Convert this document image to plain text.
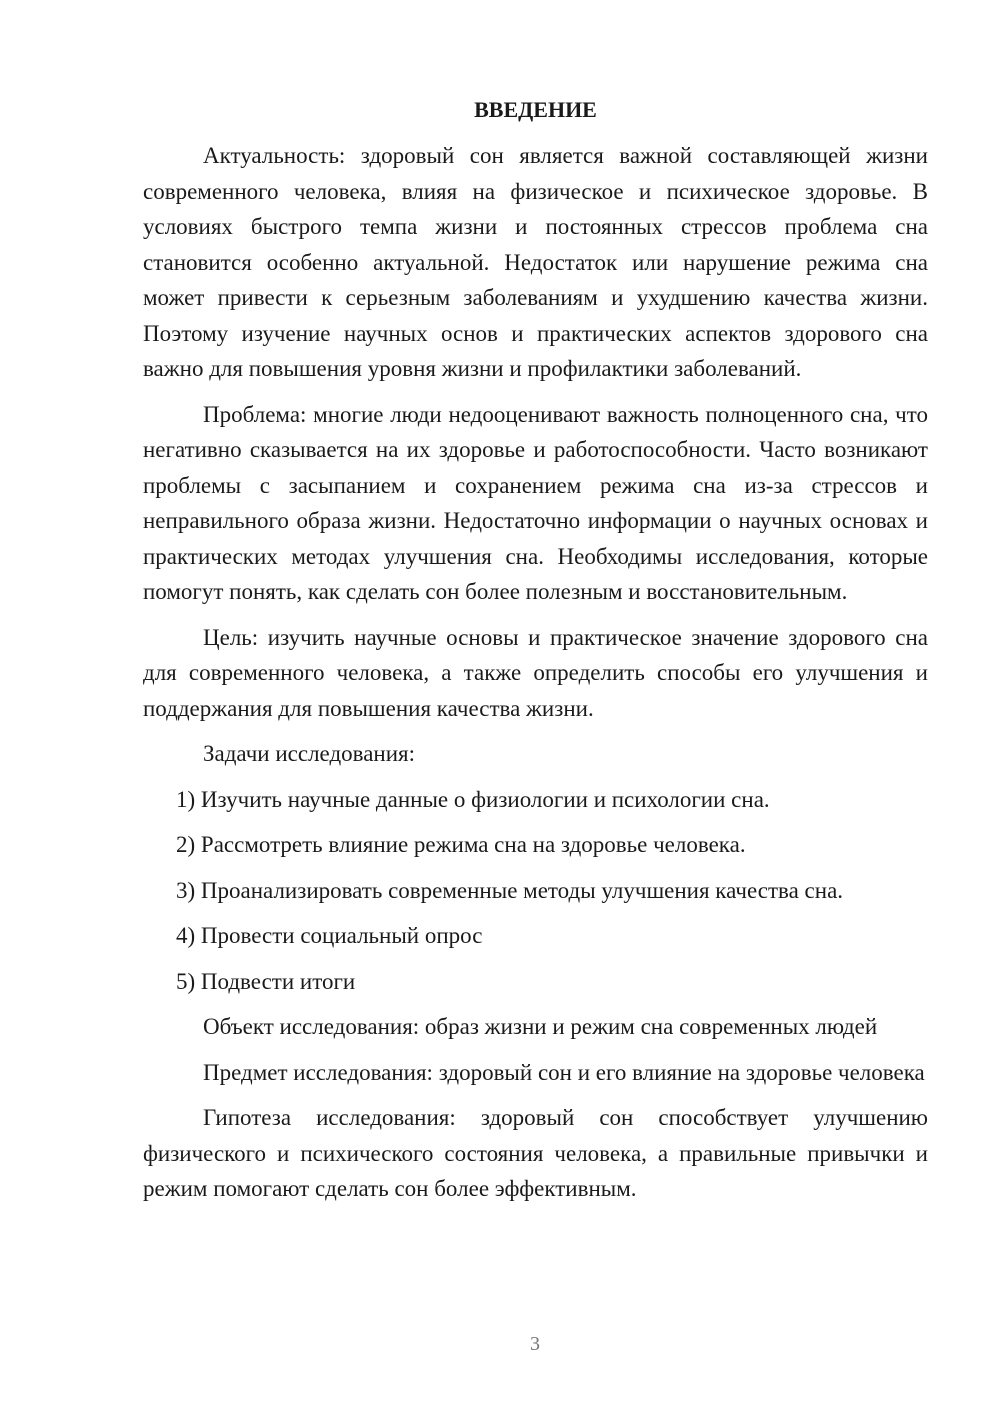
ВВЕДЕНИЕ
Актуальность: здоровый сон является важной составляющей жизни современного человека, влияя на физическое и психическое здоровье. В условиях быстрого темпа жизни и постоянных стрессов проблема сна становится особенно актуальной. Недостаток или нарушение режима сна может привести к серьезным заболеваниям и ухудшению качества жизни. Поэтому изучение научных основ и практических аспектов здорового сна важно для повышения уровня жизни и профилактики заболеваний.
Проблема: многие люди недооценивают важность полноценного сна, что негативно сказывается на их здоровье и работоспособности. Часто возникают проблемы с засыпанием и сохранением режима сна из-за стрессов и неправильного образа жизни. Недостаточно информации о научных основах и практических методах улучшения сна. Необходимы исследования, которые помогут понять, как сделать сон более полезным и восстановительным.
Цель: изучить научные основы и практическое значение здорового сна для современного человека, а также определить способы его улучшения и поддержания для повышения качества жизни.
Задачи исследования:
1) Изучить научные данные о физиологии и психологии сна.
2) Рассмотреть влияние режима сна на здоровье человека.
3) Проанализировать современные методы улучшения качества сна.
4) Провести социальный опрос
5) Подвести итоги
Объект исследования: образ жизни и режим сна современных людей
Предмет исследования: здоровый сон и его влияние на здоровье человека
Гипотеза исследования: здоровый сон способствует улучшению физического и психического состояния человека, а правильные привычки и режим помогают сделать сон более эффективным.
3
